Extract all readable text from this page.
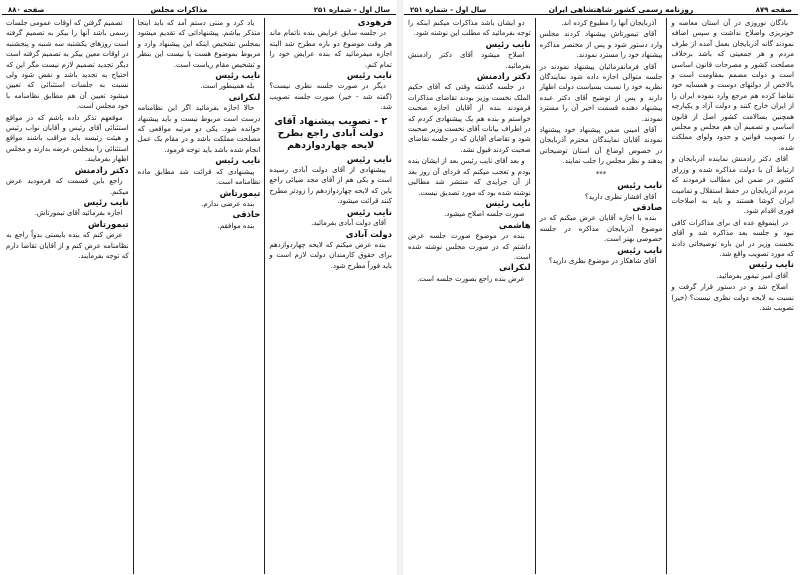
سال اول - شماره ۲۵۱
مذاکرات مجلس
صفحه ۸۸۰
فرهودی

در جلسه سابق عرایض بنده ناتمام ماند هر وقت موضوع دو باره مطرح شد البته اجازه میفرمائید که بنده عرایض خود را تمام کنم.

نایب رئیس

دیگر در صورت جلسه نظری نیست؟ (گفته شد - خیر) صورت جلسه تصویب شد.

۲ - تصویب پیشنهاد آقای دولت آبادی راجع بطرح لایحه چهاردوازدهم
نایب رئیس

پیشنهادی از آقای دولت آبادی رسیده است و یکی هم از آقای مجد ضیائی راجع باین که لایحه چهاردوازدهم را زودتر مطرح کنند قرائت میشود.

نایب رئیس

آقای دولت آبادی بفرمائید.

دولت آبادی

بنده عرض میکنم که لایحه چهاردوازدهم برای حقوق کارمندان دولت لازم است و باید فوراً مطرح شود.

یاد کرد و منتی دستم آمد که باید اینجا متذکر بیاشم. پیشنهاداتی که تقدیم میشود بمجلس تشخیص اینکه این پیشنهاد وارد و مربوط بموضوع هست یا نیست این بنظر و تشخیص مقام ریاست است.

نایب رئیس

بله همینطور است.

لنکرانی

حالا اجازه بفرمائید اگر این نظامنامه درست است مربوط نیست و باید پیشنهاد خوانده شود. یکی دو مرتبه مواقعی که مصلحت مملکت باشد و در مقام یک عمل انجام شده باشد باید توجه فرمود.

نایب رئیس

پیشنهادی که قرائت شد مطابق ماده نظامنامه است.

تیمورتاش

بنده عرضی ندارم.

حاذقی

بنده موافقم.

تصمیم گرفتن که اوقات عمومی جلسات رسمی باشد آنها را بیکر به تصمیم گرفته است روزهای یکشنبه سه شنبه و پنجشنبه در اوقات معین بیکر به تصمیم گرفته است دیگر تجدید تصمیم لازم نیست مگر این که احتیاج به تجدید باشد و نقض شود ولی نسبت به جلسات استثنائی که تعیین میشود تعیین آن هم مطابق نظامنامه با خود مجلس است.

موقعهم تذکر داده باشم که در مواقع استثنائی آقای رئیس و آقایان نواب رئیس و هیئت رئیسه باید مراقب باشند مواقع استثنائی را بمجلس عرضه بدارند و مجلس اظهار بفرمایند.

دکتر رادمنش

راجع باین قسمت که فرمودید عرض میکنم.

نایب رئیس

اجازه بفرمائید آقای تیمورتاش.

تیمورتاش

عرض کنم که بنده بایستی بدواً راجع به نظامنامه عرض کنم و از آقایان تقاضا دارم که توجه بفرمایند.

صفحه ۸۷۹
روزنامه رسمی کشور شاهنشاهی ایران
سال اول - شماره ۲۵۱

بادگان نوروزی در آن استان معاصه و خونریزی واصلاح نداشت و سپس اضافه نمودند گانه آذربایجان بعمل آمده از طرف مردم و هر جمعیتی که باشد برخلاف مصلحت کشور و مصرحات قانون اساسی است و دولت مصمم بمقاومت است و بالاخص از دولتهای دوست و همسایه خود تقاضا کرده هم مرجع وارد نموده ایران را از ایران خارج کنند و دولت آزاد و یکپارچه همچنین بسالامت کشور اصل از قانون اساسی و تصمیم آن هم مجلس و مجلس را تصویب قوانین و حدود ولوای مملکت شده.

آقای دکتر رادمنش نماینده آذربایجان و ارتباط آن با دولت مذاکره شده و وزرای کشور در ضمن این مطالب فرمودند که مردم آذربایجان در حفظ استقلال و تمامیت ایران کوشا هستند و باید به اصلاحات فوری اقدام شود.

در اینموقع عده ای برای مذاکرات کافی نبود و جلسه بعد مذاکره شد و آقای نخست وزیر در این باره توضیحاتی دادند که مورد تصویب واقع شد.

نایب رئیس

آقای امیر تیمور بفرمائید.

اصلاح شد و در دستور قرار گرفت و نسبت به لایحه دولت نظری نیست؟ (خیر) تصویب شد.

آذربایجان آنها را مطبوع کرده اند.

آقای تیمورتاش پیشنهاد کردند مجلس وارد دستور شود و پس از مختصر مذاکره پیشنهاد خود را مسترد نمودند.

آقای فرمانفرمائیان پیشنهاد نمودند در جلسه متوالی اجازه داده شود نمایندگان نظریه خود را نسبت بسیاست دولت اظهار دارند و پس از توضیح آقای دکتر عبده پیشنهاد دهنده قسمت اخیر آن را مسترد نمودند.

آقای امینی ضمن پیشنهاد خود پیشنهاد نمودند آقایان نمایندگان محترم آذربایجان در خصوص اوضاع آن استان توضیحاتی بدهند و نظر مجلس را جلب نمایند.

***
نایب رئیس

آقای افشار نظری دارید؟

صادقی

بنده با اجازه آقایان عرض میکنم که در موضوع آذربایجان مذاکره در جلسه خصوصی بهتر است.

نایب رئیس

آقای شاهکار در موضوع نظری دارید؟

دو ایشان باشد مذاکرات میکنم اینکه را توجه بفرمائید که مطلب این نوشته شود.

نایب رئیس

اصلاح میشود آقای دکتر رادمنش بفرمائید.

دکتر رادمنش

در جلسه گذشته وقتی که آقای حکیم الملک نخست وزیر بودند تقاضای مذاکرات فرمودند بنده از آقایان اجازه صحبت خواستم و بنده هم یک پیشنهادی کردم که در اطراف بیانات آقای نخست وزیر صحبت شود و تقاضای آقایان که در جلسه تقاضای صحبت کردند قبول نشد.

و بعد آقای نایب رئیس بعد از ایشان بنده بودم و تعجب میکنم که فردای آن روز بعد از آن جرایدی که منتشر شد مطالبی نوشته شده بود که مورد تصدیق نیست.

نایب رئیس

صورت جلسه اصلاح میشود.

هاشمی

بنده در موضوع صورت جلسه عرض داشتم که در صورت مجلس نوشته شده است.

لنکرانی

عرض بنده راجع بصورت جلسه است.
